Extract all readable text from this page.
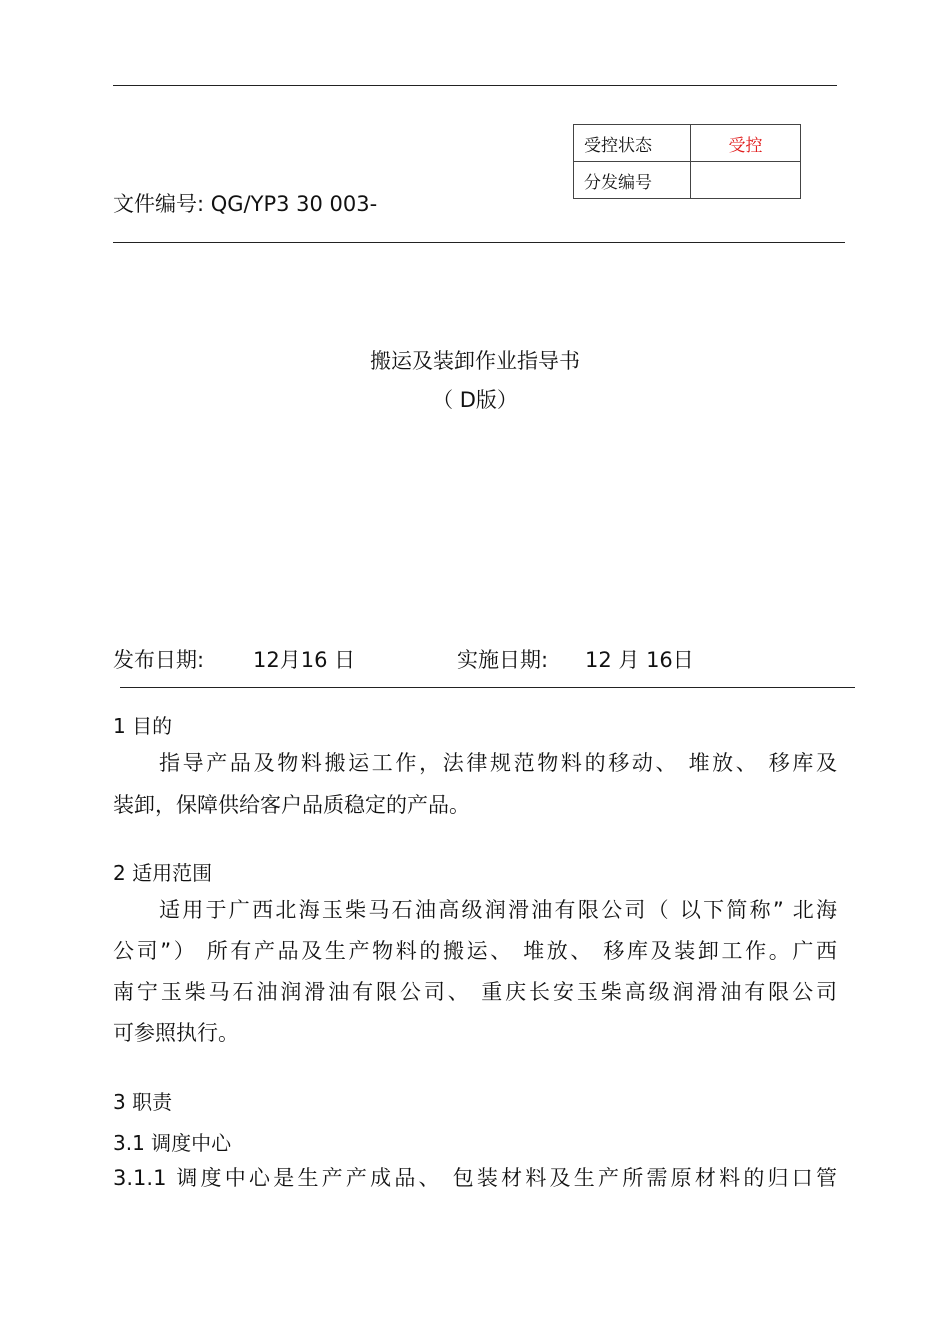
受控状态	受控
分发编号	
文件编号: QG/YP3 30 003-
搬运及装卸作业指导书
（ D版）
发布日期: 12月16 日	实施日期: 12 月 16日
1 目的
指导产品及物料搬运工作，法律规范物料的移动、 堆放、 移库及
装卸，保障供给客户品质稳定的产品。
2 适用范围
适用于广西北海玉柴马石油高级润滑油有限公司（ 以下简称” 北海
公司”） 所有产品及生产物料的搬运、 堆放、 移库及装卸工作。广西
南宁玉柴马石油润滑油有限公司、 重庆长安玉柴高级润滑油有限公司
可参照执行。
3 职责
3.1 调度中心
3.1.1 调度中心是生产产成品、 包装材料及生产所需原材料的归口管
